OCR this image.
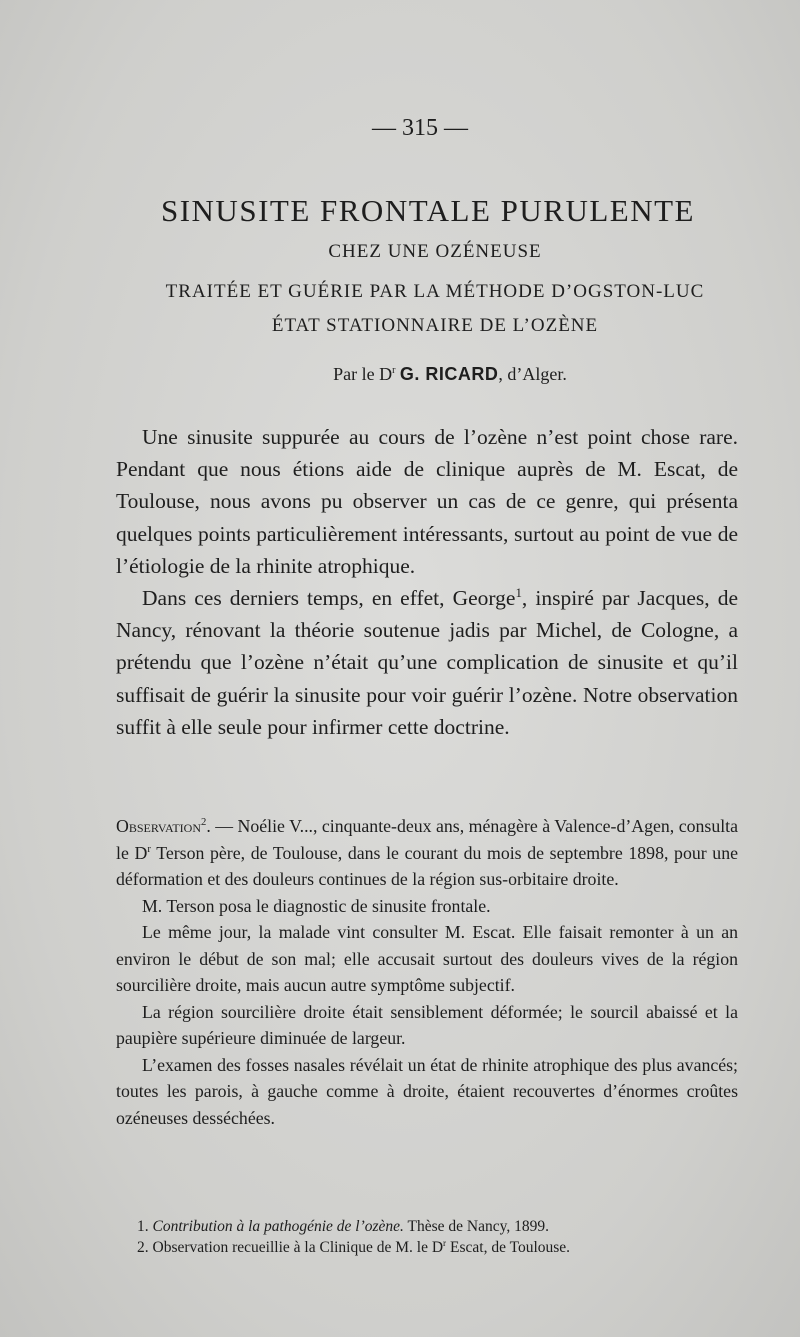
— 315 —
SINUSITE FRONTALE PURULENTE
CHEZ UNE OZÉNEUSE
TRAITÉE ET GUÉRIE PAR LA MÉTHODE D’OGSTON-LUC
ÉTAT STATIONNAIRE DE L’OZÈNE
Par le $D^r$ G. RICARD, d’Alger.

Une sinusite suppurée au cours de l’ozène n’est point chose rare. Pendant que nous étions aide de clinique auprès de M. Escat, de Toulouse, nous avons pu observer un cas de ce genre, qui présenta quelques points particulièrement intéressants, surtout au point de vue de l’étiologie de la rhinite atrophique.

Dans ces derniers temps, en effet, George$^1$, inspiré par Jacques, de Nancy, rénovant la théorie soutenue jadis par Michel, de Cologne, a prétendu que l’ozène n’était qu’une complication de sinusite et qu’il suffisait de guérir la sinusite pour voir guérir l’ozène. Notre observation suffit à elle seule pour infirmer cette doctrine.

Observation$^2$. — Noélie V..., cinquante-deux ans, ménagère à Valence-d’Agen, consulta le $D^r$ Terson père, de Toulouse, dans le courant du mois de septembre 1898, pour une déformation et des douleurs continues de la région sus-orbitaire droite.

M. Terson posa le diagnostic de sinusite frontale.

Le même jour, la malade vint consulter M. Escat. Elle faisait remonter à un an environ le début de son mal; elle accusait surtout des douleurs vives de la région sourcilière droite, mais aucun autre symptôme subjectif.

La région sourcilière droite était sensiblement déformée; le sourcil abaissé et la paupière supérieure diminuée de largeur.

L’examen des fosses nasales révélait un état de rhinite atrophique des plus avancés; toutes les parois, à gauche comme à droite, étaient recouvertes d’énormes croûtes ozéneuses desséchées.

1. Contribution à la pathogénie de l’ozène. Thèse de Nancy, 1899.
2. Observation recueillie à la Clinique de M. le $D^r$ Escat, de Toulouse.
